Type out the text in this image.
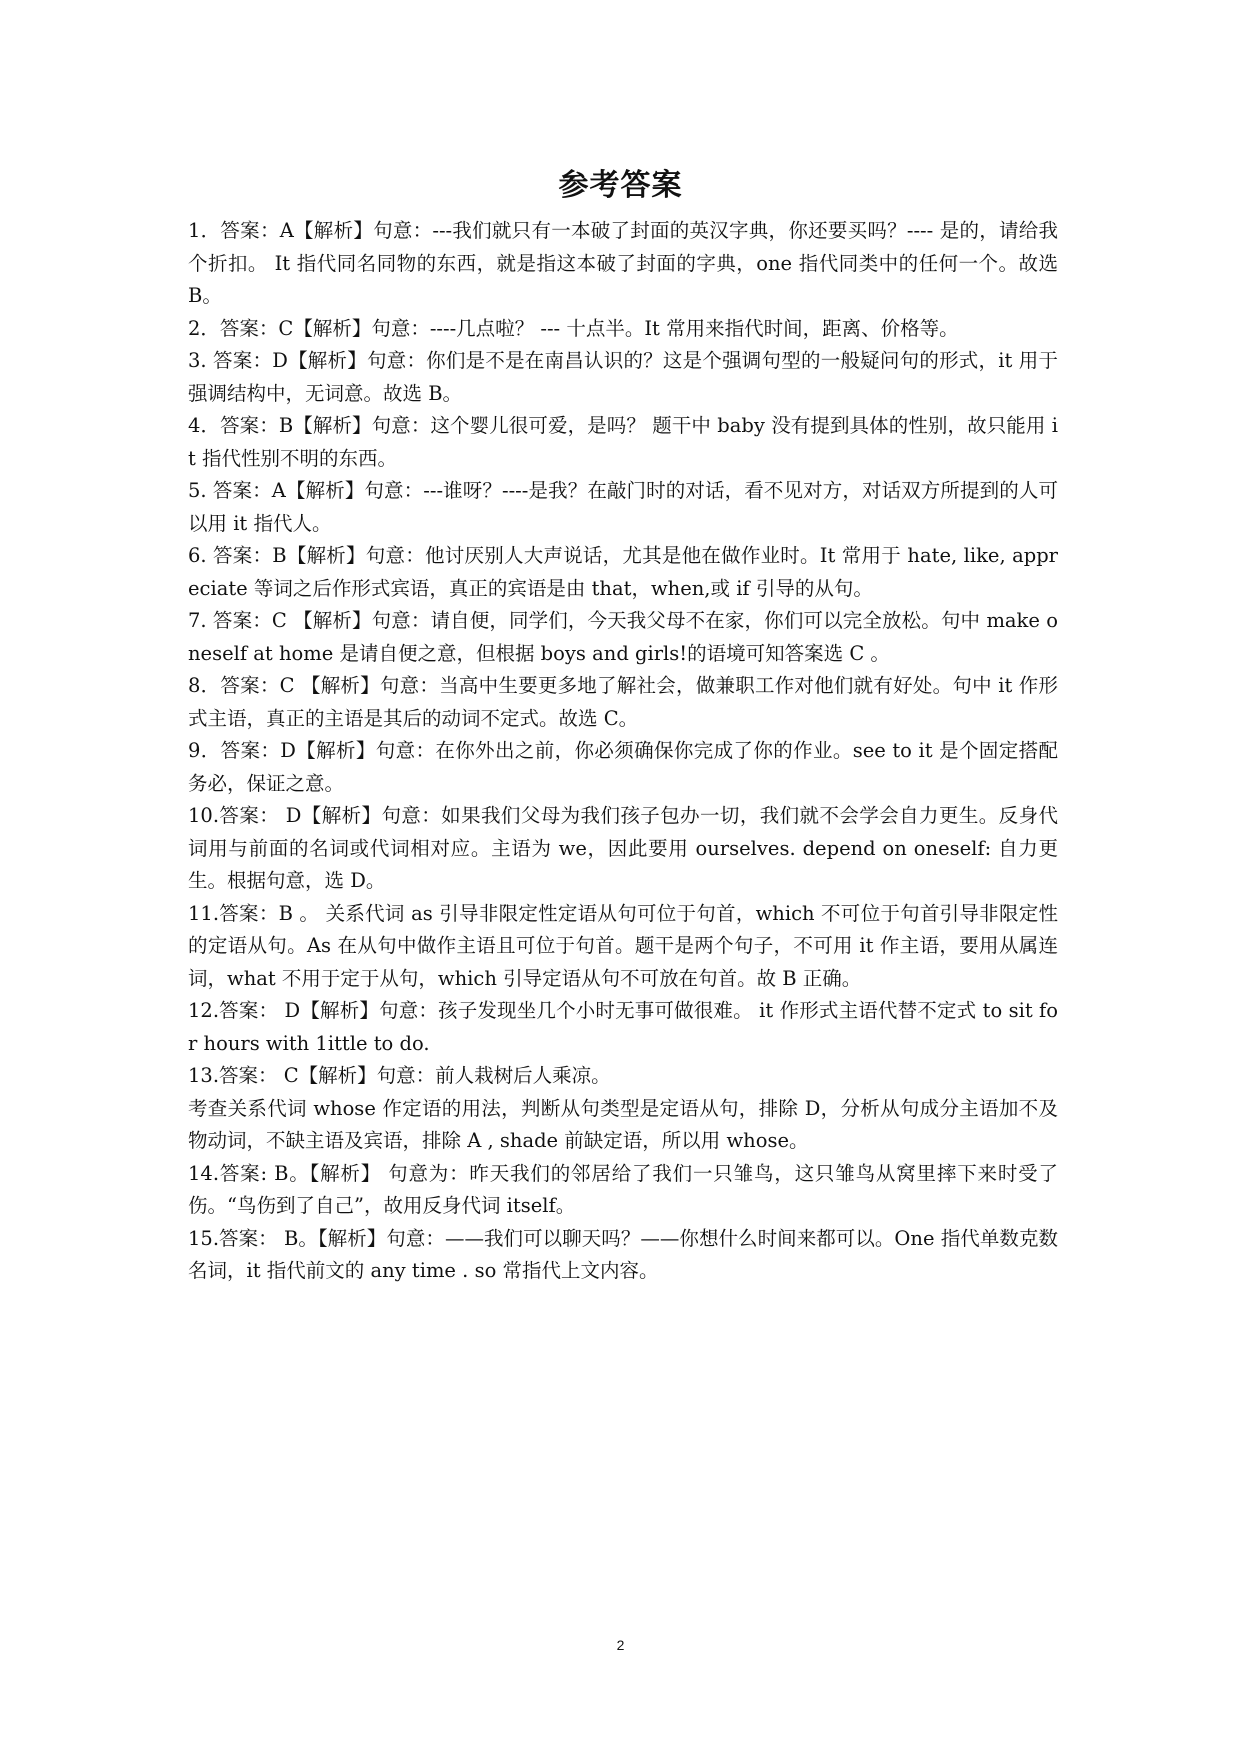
参考答案

1．答案：A【解析】句意：---我们就只有一本破了封面的英汉字典，你还要买吗？---- 是的，请给我个折扣。 It 指代同名同物的东西，就是指这本破了封面的字典，one 指代同类中的任何一个。故选 B。

2．答案：C【解析】句意：----几点啦？ --- 十点半。It 常用来指代时间，距离、价格等。

3. 答案：D【解析】句意：你们是不是在南昌认识的？这是个强调句型的一般疑问句的形式，it 用于强调结构中，无词意。故选 B。

4．答案：B【解析】句意：这个婴儿很可爱，是吗？ 题干中 baby 没有提到具体的性别，故只能用 it 指代性别不明的东西。

5. 答案：A【解析】句意：---谁呀？----是我？在敲门时的对话，看不见对方，对话双方所提到的人可以用 it 指代人。

6. 答案：B【解析】句意：他讨厌别人大声说话，尤其是他在做作业时。It 常用于 hate, like, appreciate 等词之后作形式宾语，真正的宾语是由 that，when,或 if 引导的从句。

7. 答案：C 【解析】句意：请自便，同学们，今天我父母不在家，你们可以完全放松。句中 make oneself at home 是请自便之意，但根据 boys and girls!的语境可知答案选 C 。

8．答案：C 【解析】句意：当高中生要更多地了解社会，做兼职工作对他们就有好处。句中 it 作形式主语，真正的主语是其后的动词不定式。故选 C。

9．答案：D【解析】句意：在你外出之前，你必须确保你完成了你的作业。see to it 是个固定搭配务必，保证之意。

10.答案： D【解析】句意：如果我们父母为我们孩子包办一切，我们就不会学会自力更生。反身代词用与前面的名词或代词相对应。主语为 we，因此要用 ourselves. depend on oneself: 自力更生。根据句意，选 D。

11.答案：B 。 关系代词 as 引导非限定性定语从句可位于句首，which 不可位于句首引导非限定性的定语从句。As 在从句中做作主语且可位于句首。题干是两个句子，不可用 it 作主语，要用从属连词，what 不用于定于从句，which 引导定语从句不可放在句首。故 B 正确。

12.答案： D【解析】句意：孩子发现坐几个小时无事可做很难。 it 作形式主语代替不定式 to sit for hours with 1ittle to do.

13.答案： C【解析】句意：前人栽树后人乘凉。

考查关系代词 whose 作定语的用法，判断从句类型是定语从句，排除 D，分析从句成分主语加不及物动词，不缺主语及宾语，排除 A , shade 前缺定语，所以用 whose。

14.答案: B。【解析】 句意为：昨天我们的邻居给了我们一只雏鸟，这只雏鸟从窝里摔下来时受了伤。“鸟伤到了自己”，故用反身代词 itself。

15.答案： B。【解析】句意：——我们可以聊天吗？——你想什么时间来都可以。One 指代单数克数名词，it 指代前文的 any time . so 常指代上文内容。

2
